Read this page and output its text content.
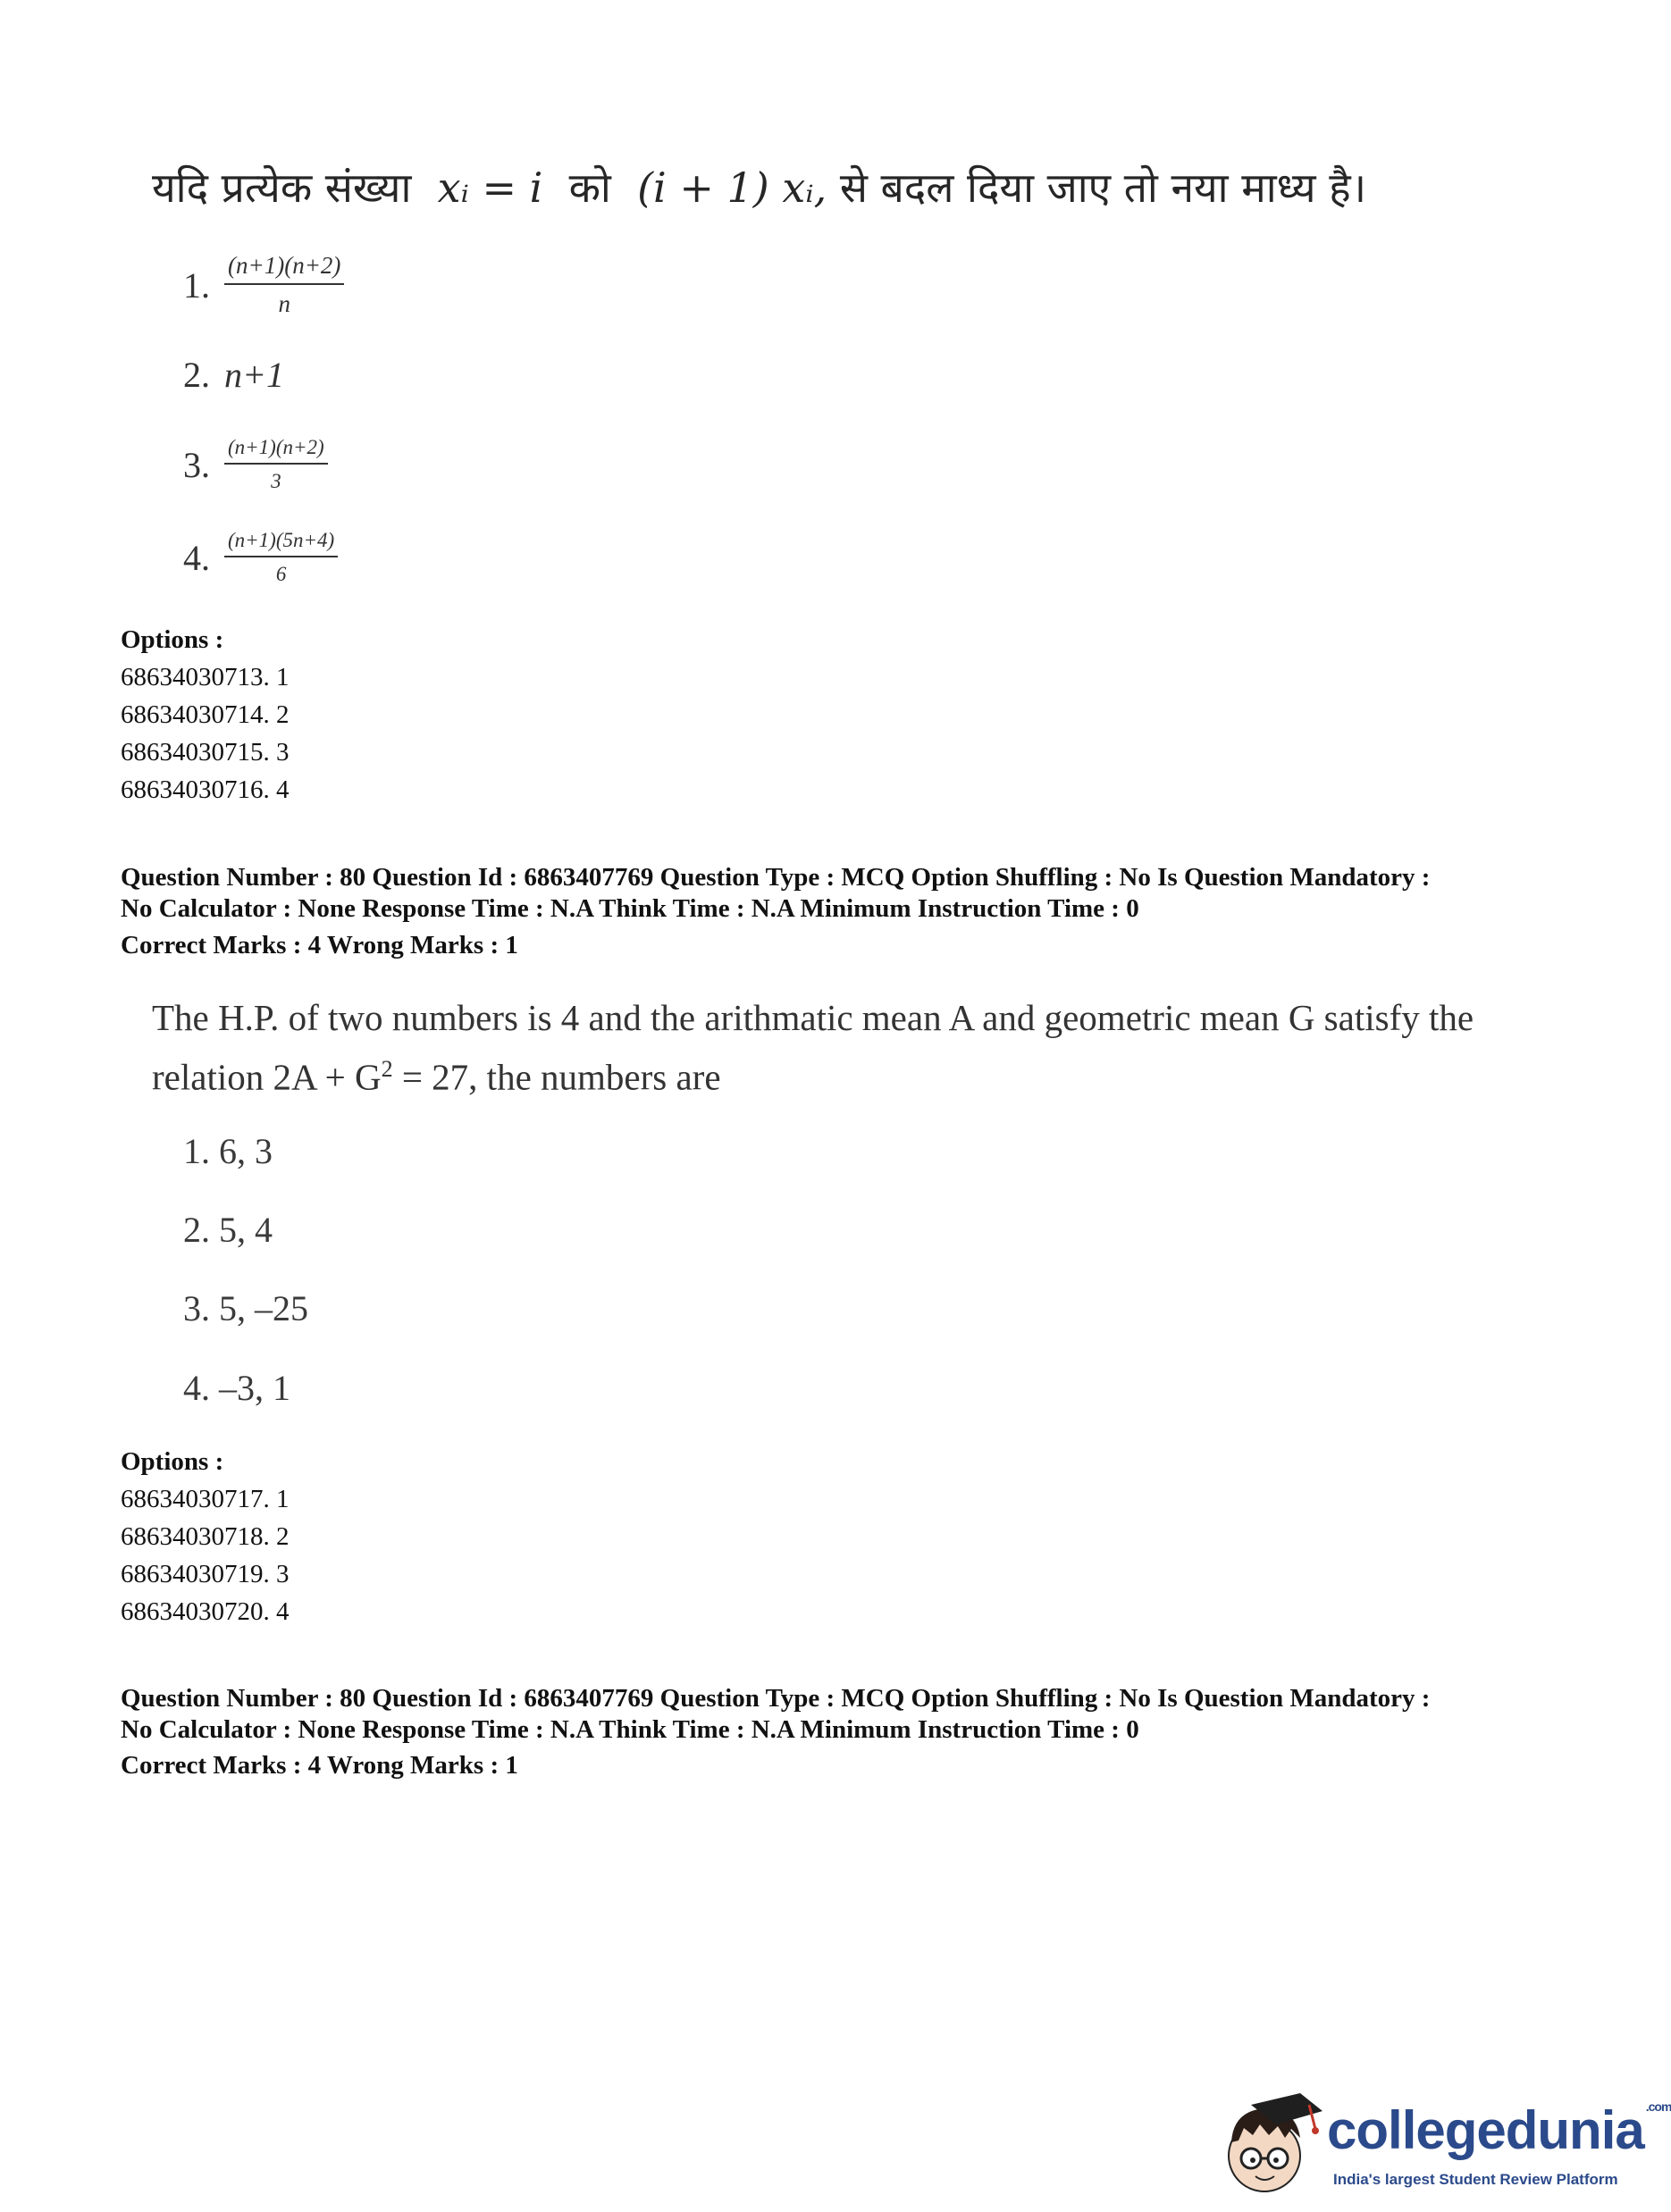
यदि प्रत्येक संख्या xᵢ = i को (i + 1) xᵢ, से बदल दिया जाए तो नया माध्य है।
1. $\frac{(n+1)(n+2)}{n}$
2. n+1
3. $\frac{(n+1)(n+2)}{3}$
4. $\frac{(n+1)(5n+4)}{6}$
Options :
68634030713. 1
68634030714. 2
68634030715. 3
68634030716. 4
Question Number : 80 Question Id : 6863407769 Question Type : MCQ Option Shuffling : No Is Question Mandatory :
No Calculator : None Response Time : N.A Think Time : N.A Minimum Instruction Time : 0
Correct Marks : 4 Wrong Marks : 1
The H.P. of two numbers is 4 and the arithmatic mean A and geometric mean G satisfy the
relation $2A + G^2 = 27$, the numbers are
1. 6, 3
2. 5, 4
3. 5, –25
4. –3, 1
Options :
68634030717. 1
68634030718. 2
68634030719. 3
68634030720. 4
Question Number : 80 Question Id : 6863407769 Question Type : MCQ Option Shuffling : No Is Question Mandatory :
No Calculator : None Response Time : N.A Think Time : N.A Minimum Instruction Time : 0
Correct Marks : 4 Wrong Marks : 1
collegedunia $^{.com}$
India's largest Student Review Platform
